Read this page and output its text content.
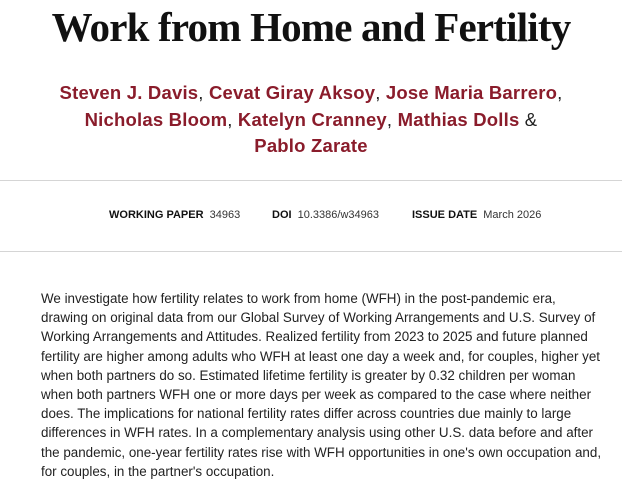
Work from Home and Fertility
Steven J. Davis, Cevat Giray Aksoy, Jose Maria Barrero,
Nicholas Bloom, Katelyn Cranney, Mathias Dolls &
Pablo Zarate
WORKING PAPER 34963	DOI 10.3386/w34963	ISSUE DATE March 2026

We investigate how fertility relates to work from home (WFH) in the post-pandemic era, drawing on original data from our Global Survey of Working Arrangements and U.S. Survey of Working Arrangements and Attitudes. Realized fertility from 2023 to 2025 and future planned fertility are higher among adults who WFH at least one day a week and, for couples, higher yet when both partners do so. Estimated lifetime fertility is greater by 0.32 children per woman when both partners WFH one or more days per week as compared to the case where neither does. The implications for national fertility rates differ across countries due mainly to large differences in WFH rates. In a complementary analysis using other U.S. data before and after the pandemic, one-year fertility rates rise with WFH opportunities in one's own occupation and, for couples, in the partner's occupation.
